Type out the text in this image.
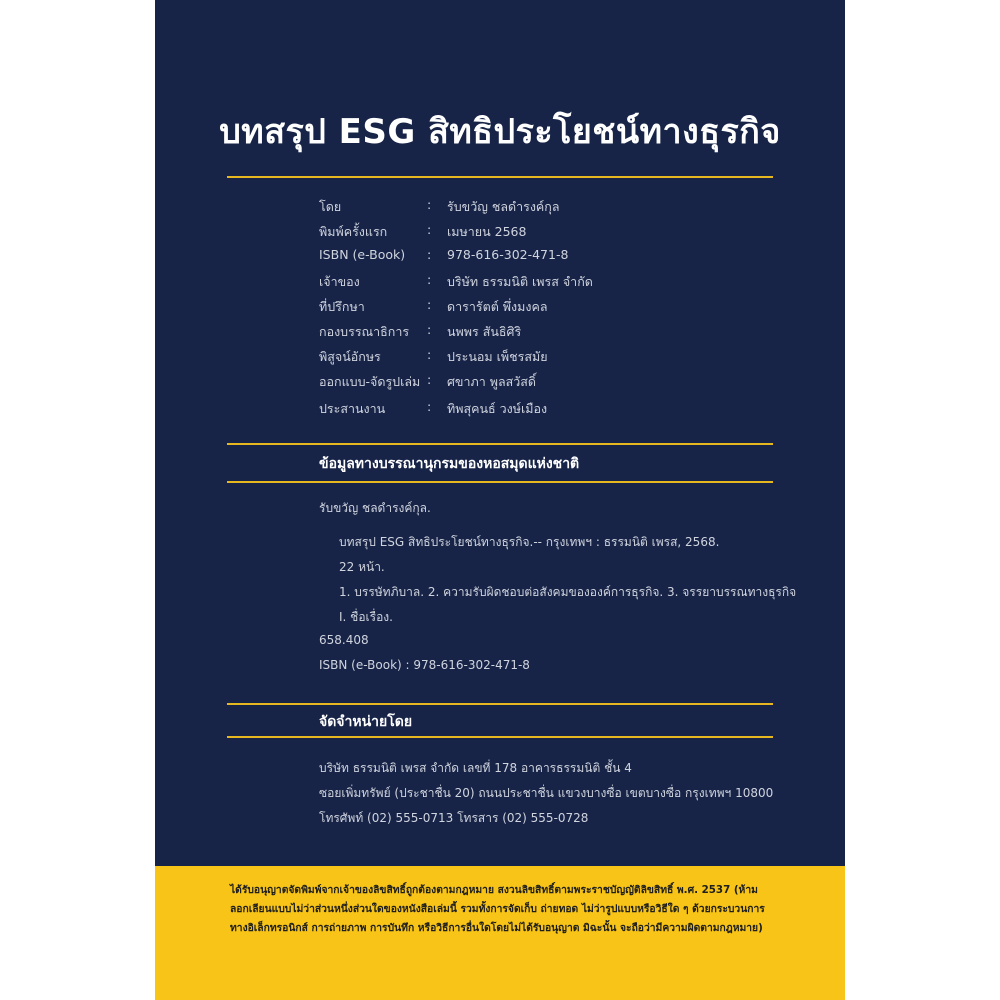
บทสรุป ESG สิทธิประโยชน์ทางธุรกิจ
โดย	: รับขวัญ ชลดำรงค์กุล
พิมพ์ครั้งแรก	: เมษายน 2568
ISBN (e-Book) : 978-616-302-471-8
เจ้าของ	: บริษัท ธรรมนิติ เพรส จำกัด
ที่ปรึกษา	: ดารารัตต์ พึ่งมงคล
กองบรรณาธิการ : นพพร สันธิศิริ
พิสูจน์อักษร	: ประนอม เพ็ชรสมัย
ออกแบบ-จัดรูปเล่ม : ศขาภา พูลสวัสดิ์
ประสานงาน	: ทิพสุคนธ์ วงษ์เมือง
ข้อมูลทางบรรณานุกรมของหอสมุดแห่งชาติ
รับขวัญ ชลดำรงค์กุล.
บทสรุป ESG สิทธิประโยชน์ทางธุรกิจ.-- กรุงเทพฯ : ธรรมนิติ เพรส, 2568.
22 หน้า.
1. บรรษัทภิบาล. 2. ความรับผิดชอบต่อสังคมขององค์การธุรกิจ. 3. จรรยาบรรณทางธุรกิจ
I. ชื่อเรื่อง.
658.408
ISBN (e-Book) : 978-616-302-471-8
จัดจำหน่ายโดย
บริษัท ธรรมนิติ เพรส จำกัด เลขที่ 178 อาคารธรรมนิติ ชั้น 4
ซอยเพิ่มทรัพย์ (ประชาชื่น 20) ถนนประชาชื่น แขวงบางซื่อ เขตบางซื่อ กรุงเทพฯ 10800
โทรศัพท์ (02) 555-0713 โทรสาร (02) 555-0728

ได้รับอนุญาตจัดพิมพ์จากเจ้าของลิขสิทธิ์ถูกต้องตามกฎหมาย สงวนลิขสิทธิ์ตามพระราชบัญญัติลิขสิทธิ์ พ.ศ. 2537 (ห้ามลอกเลียนแบบไม่ว่าส่วนหนึ่งส่วนใดของหนังสือเล่มนี้ รวมทั้งการจัดเก็บ ถ่ายทอด ไม่ว่ารูปแบบหรือวิธีใด ๆ ด้วยกระบวนการทางอิเล็กทรอนิกส์ การถ่ายภาพ การบันทึก หรือวิธีการอื่นใดโดยไม่ได้รับอนุญาต มิฉะนั้น จะถือว่ามีความผิดตามกฎหมาย)
